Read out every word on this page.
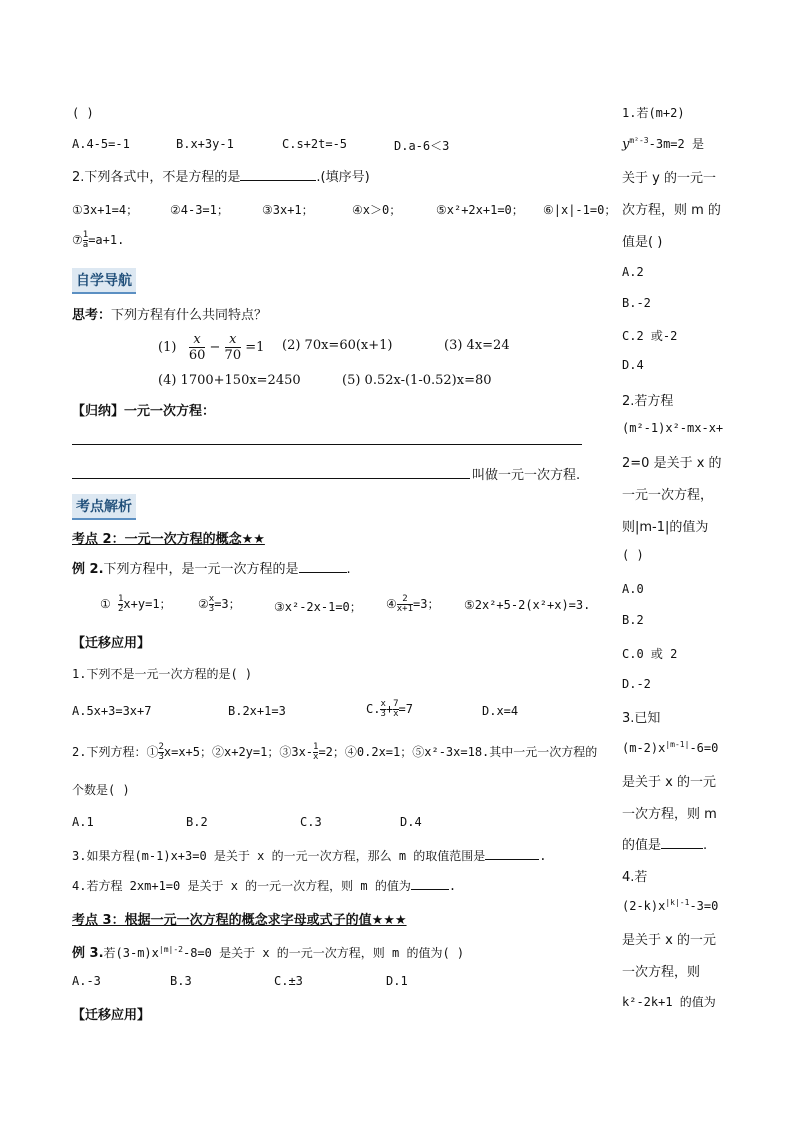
( )
A.4-5=-1	B.x+3y-1	C.s+2t=-5	D.a-6＜3
2.下列各式中，不是方程的是	.(填序号)
①3x+1=4；	②4-3=1；	③3x+1；	④x＞0；	⑤x²+2x+1=0； ⑥|x|-1=0；
⑦ $\frac{1}{a} =a+1$.
自学导航
思考：下列方程有什么共同特点？
$(1) \frac{x}{60} - \frac{x}{70} =1$ (2) 70x=60(x+1)	(3) 4x=24
(4) 1700+150x=2450	(5) 0.52x-(1-0.52)x=80
【归纳】一元一次方程：
叫做一元一次方程.
考点解析
考点 2：一元一次方程的概念★★
例 2.下列方程中，是一元一次方程的是	.
① $\frac{1}{2} x+y=1$； ② $\frac{x}{3} =3$；	③x²-2x-1=0； ④ $\frac{2}{x+1} =3$； ⑤2x²+5-2(x²+x)=3.
【迁移应用】
1.下列不是一元一次方程的是( )
A.5x+3=3x+7	B.2x+1=3	C. $\frac{x}{3} + \frac{7}{x} =7$	D.x=4
2.下列方程：① $\frac{2}{3} x=x+5$；②x+2y=1；③3x- $\frac{1}{x} =2$；④0.2x=1；⑤x²-3x=18.其中一元一次方程的
个数是( )
A.1	B.2	C.3	D.4
3.如果方程(m-1)x+3=0 是关于 x 的一元一次方程，那么 m 的取值范围是	.
4.若方程 2xm+1=0 是关于 x 的一元一次方程，则 m 的值为	.
考点 3：根据一元一次方程的概念求字母或式子的值★★★
例 3.若$(3-m)x^{|m|-2}-8=0$ 是关于 x 的一元一次方程，则 m 的值为( )
A.-3	B.3	C.±3	D.1
【迁移应用】
1.若(m+2)
$y^{m^2-3}-3m=2$ 是
关于 y 的一元一
次方程，则 m 的
值是( )
A.2
B.-2
C.2 或-2
D.4
2.若方程
(m²-1)x²-mx-x+
2=0 是关于 x 的
一元一次方程，
则|m-1|的值为
( )
A.0
B.2
C.0 或 2
D.-2
3.已知
$(m-2)x^{|m-1|}-6=0$
是关于 x 的一元
一次方程，则 m
的值是	.
4.若
$(2-k)x^{|k|-1}-3=0$
是关于 x 的一元
一次方程，则
k²-2k+1 的值为
